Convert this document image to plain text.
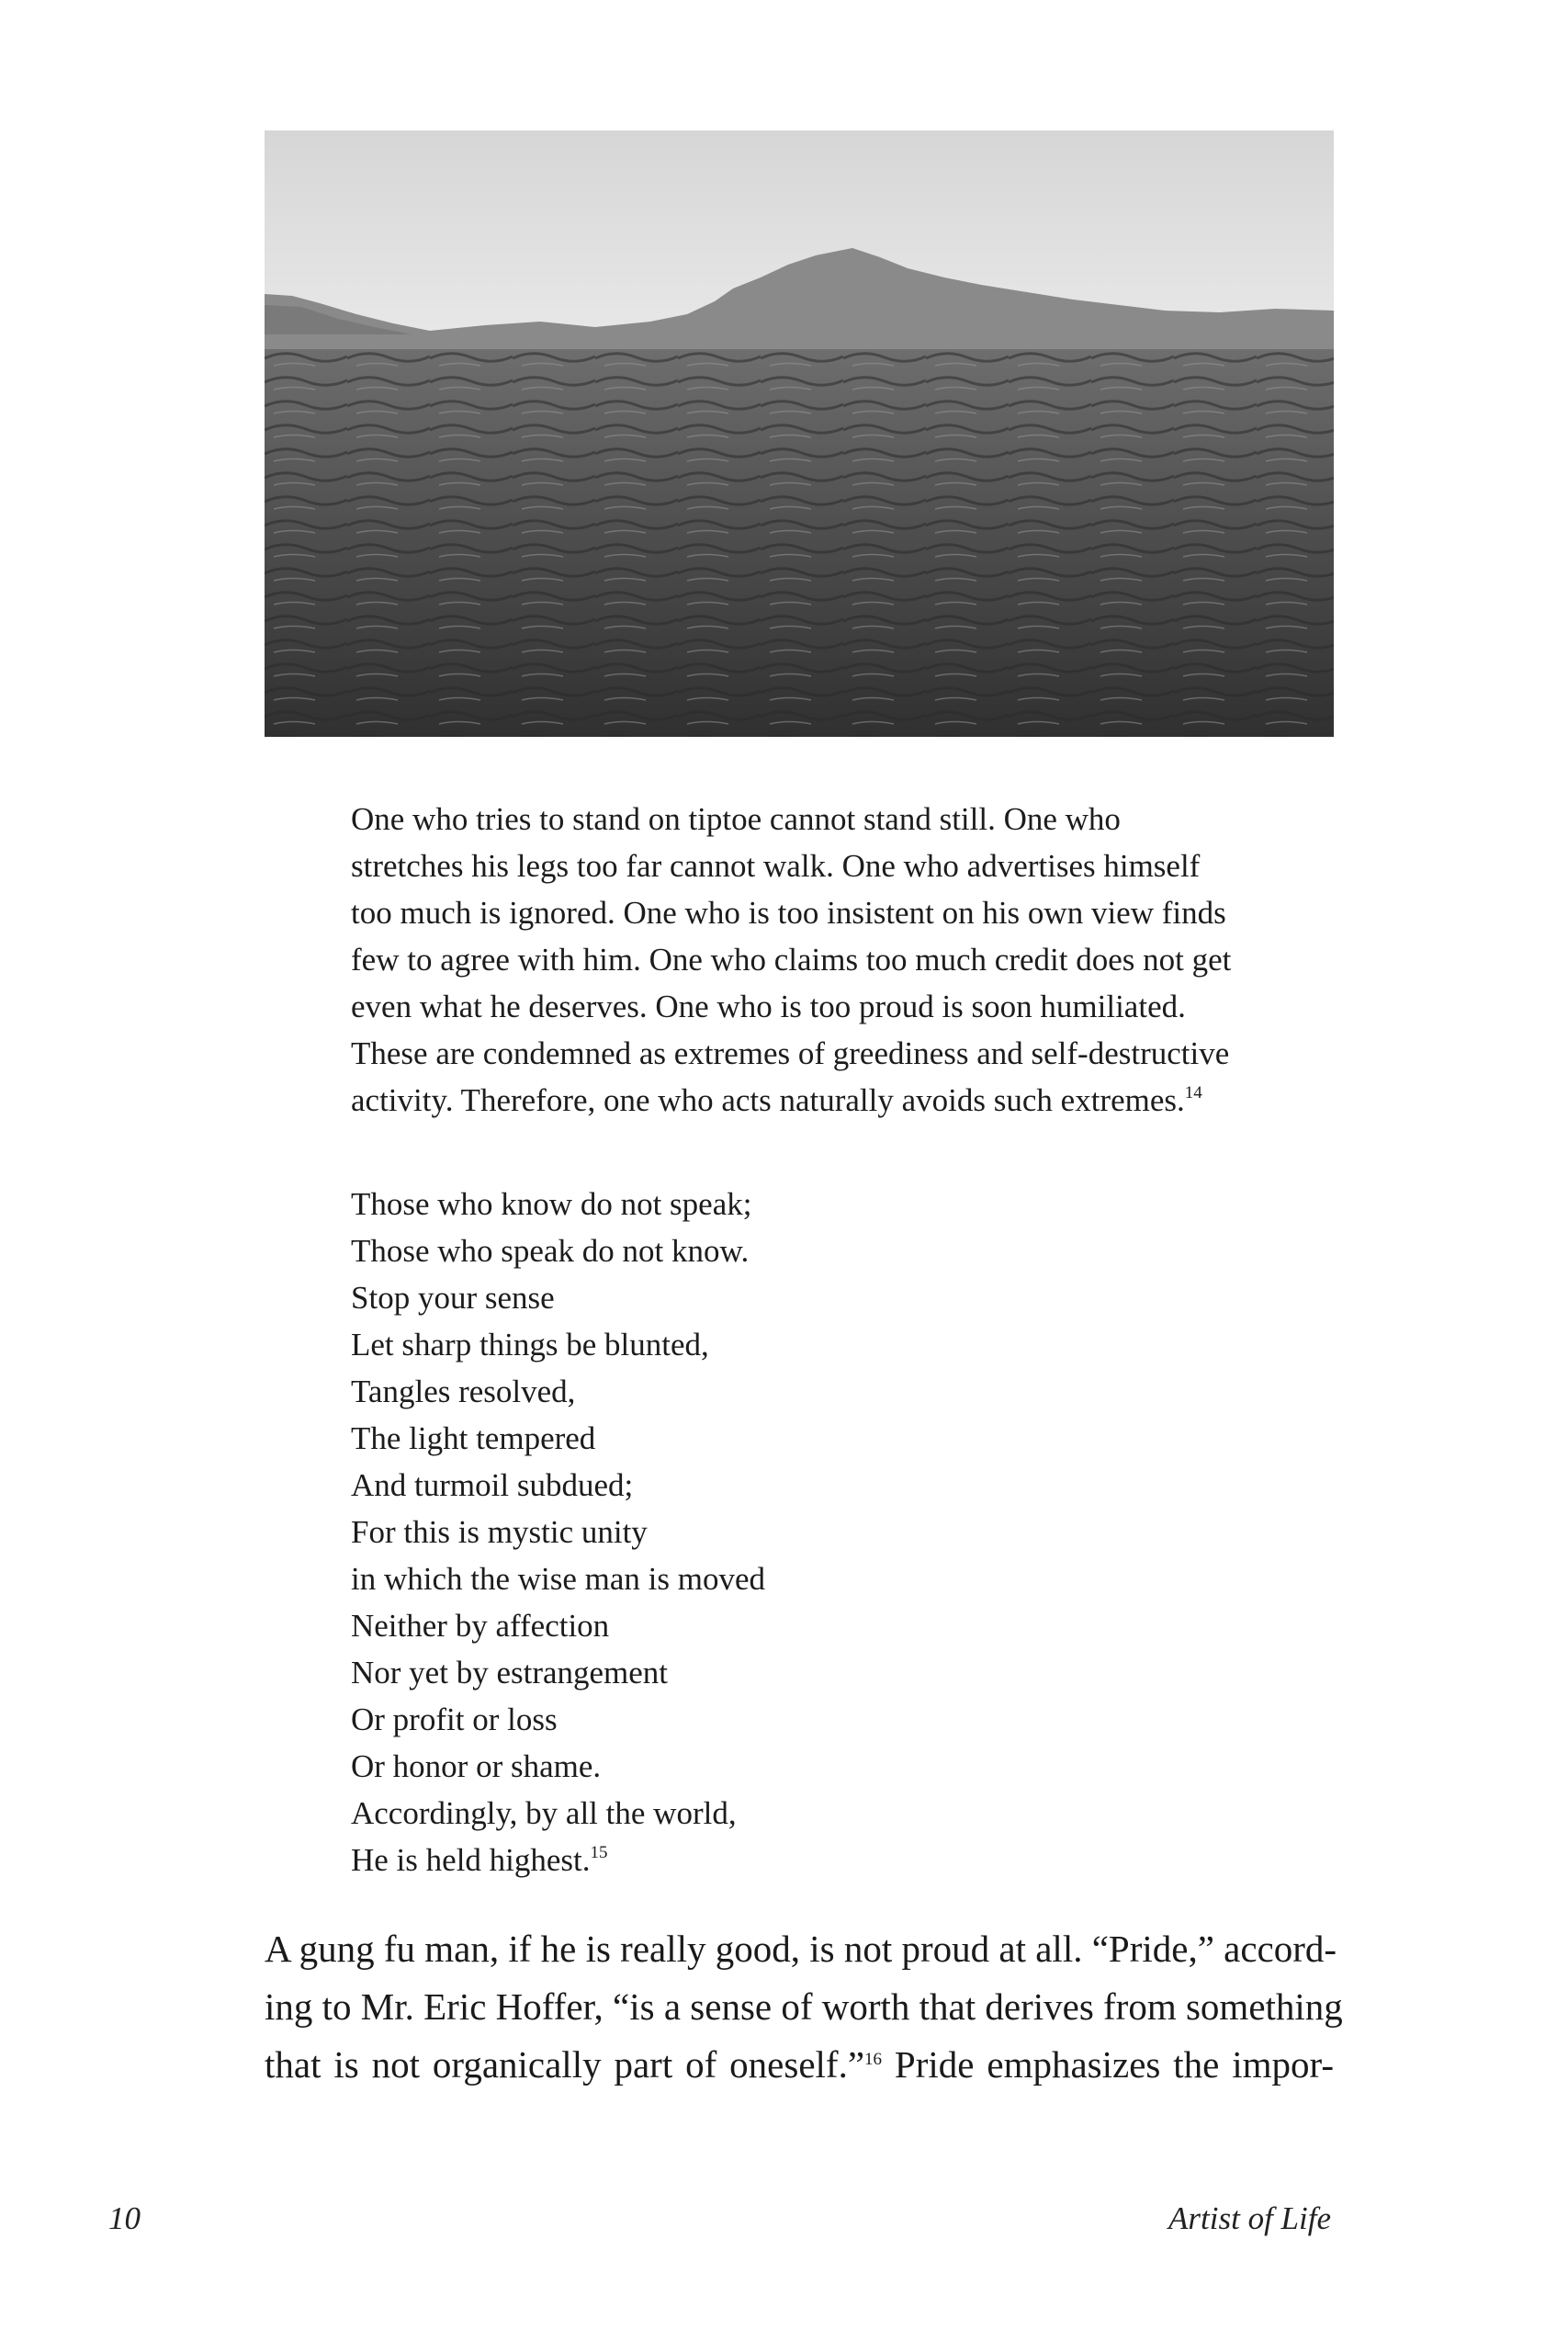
One who tries to stand on tiptoe cannot stand still. One who
stretches his legs too far cannot walk. One who advertises himself
too much is ignored. One who is too insistent on his own view finds
few to agree with him. One who claims too much credit does not get
even what he deserves. One who is too proud is soon humiliated.
These are condemned as extremes of greediness and self-destructive
activity. Therefore, one who acts naturally avoids such extremes.$^{14}$

Those who know do not speak;
Those who speak do not know.
Stop your sense
Let sharp things be blunted,
Tangles resolved,
The light tempered
And turmoil subdued;
For this is mystic unity
in which the wise man is moved
Neither by affection
Nor yet by estrangement
Or profit or loss
Or honor or shame.
Accordingly, by all the world,
He is held highest.$^{15}$
A gung fu man, if he is really good, is not proud at all. “Pride,” accord-
ing to Mr. Eric Hoffer, “is a sense of worth that derives from something
that is not organically part of oneself.”$^{16}$ Pride emphasizes the impor-
10	Artist of Life
